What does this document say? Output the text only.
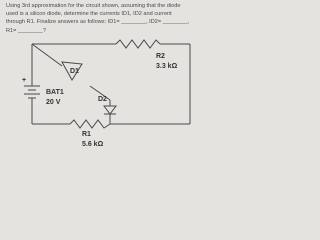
Using 3rd approximation for the circuit shown, assuming that the diode
used is a silicon diode, determine the currents ID1, ID2 and current
through R1. Finalize answers as follows: ID1= ________, ID2= ________,
R1= ________?
+
BAT1
20 V
D1
D2
R2
3.3 kΩ
R1
5.6 kΩ
